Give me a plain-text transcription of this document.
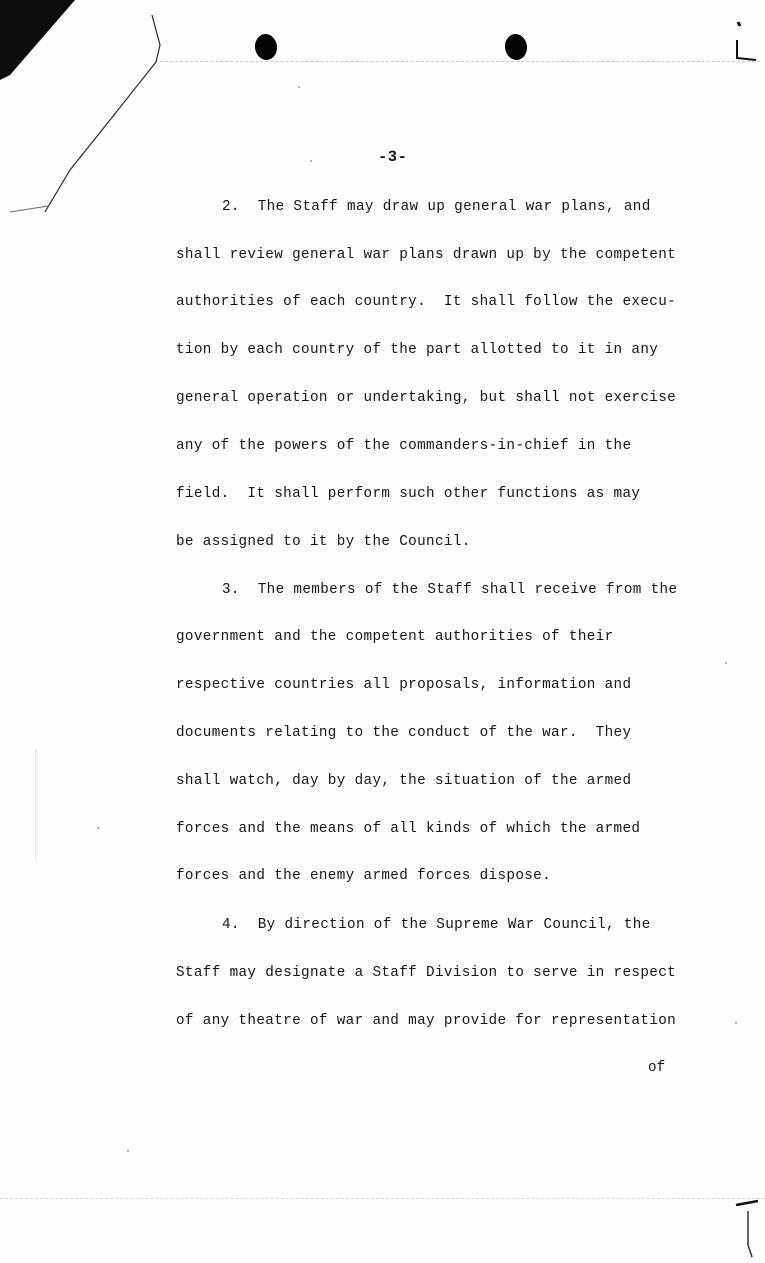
-3-
2. The Staff may draw up general war plans, and
shall review general war plans drawn up by the competent
authorities of each country.  It shall follow the execu-
tion by each country of the part allotted to it in any
general operation or undertaking, but shall not exercise
any of the powers of the commanders-in-chief in the
field.  It shall perform such other functions as may
be assigned to it by the Council.
3. The members of the Staff shall receive from the
government and the competent authorities of their
respective countries all proposals, information and
documents relating to the conduct of the war.  They
shall watch, day by day, the situation of the armed
forces and the means of all kinds of which the armed
forces and the enemy armed forces dispose.
4. By direction of the Supreme War Council, the
Staff may designate a Staff Division to serve in respect
of any theatre of war and may provide for representation
of
